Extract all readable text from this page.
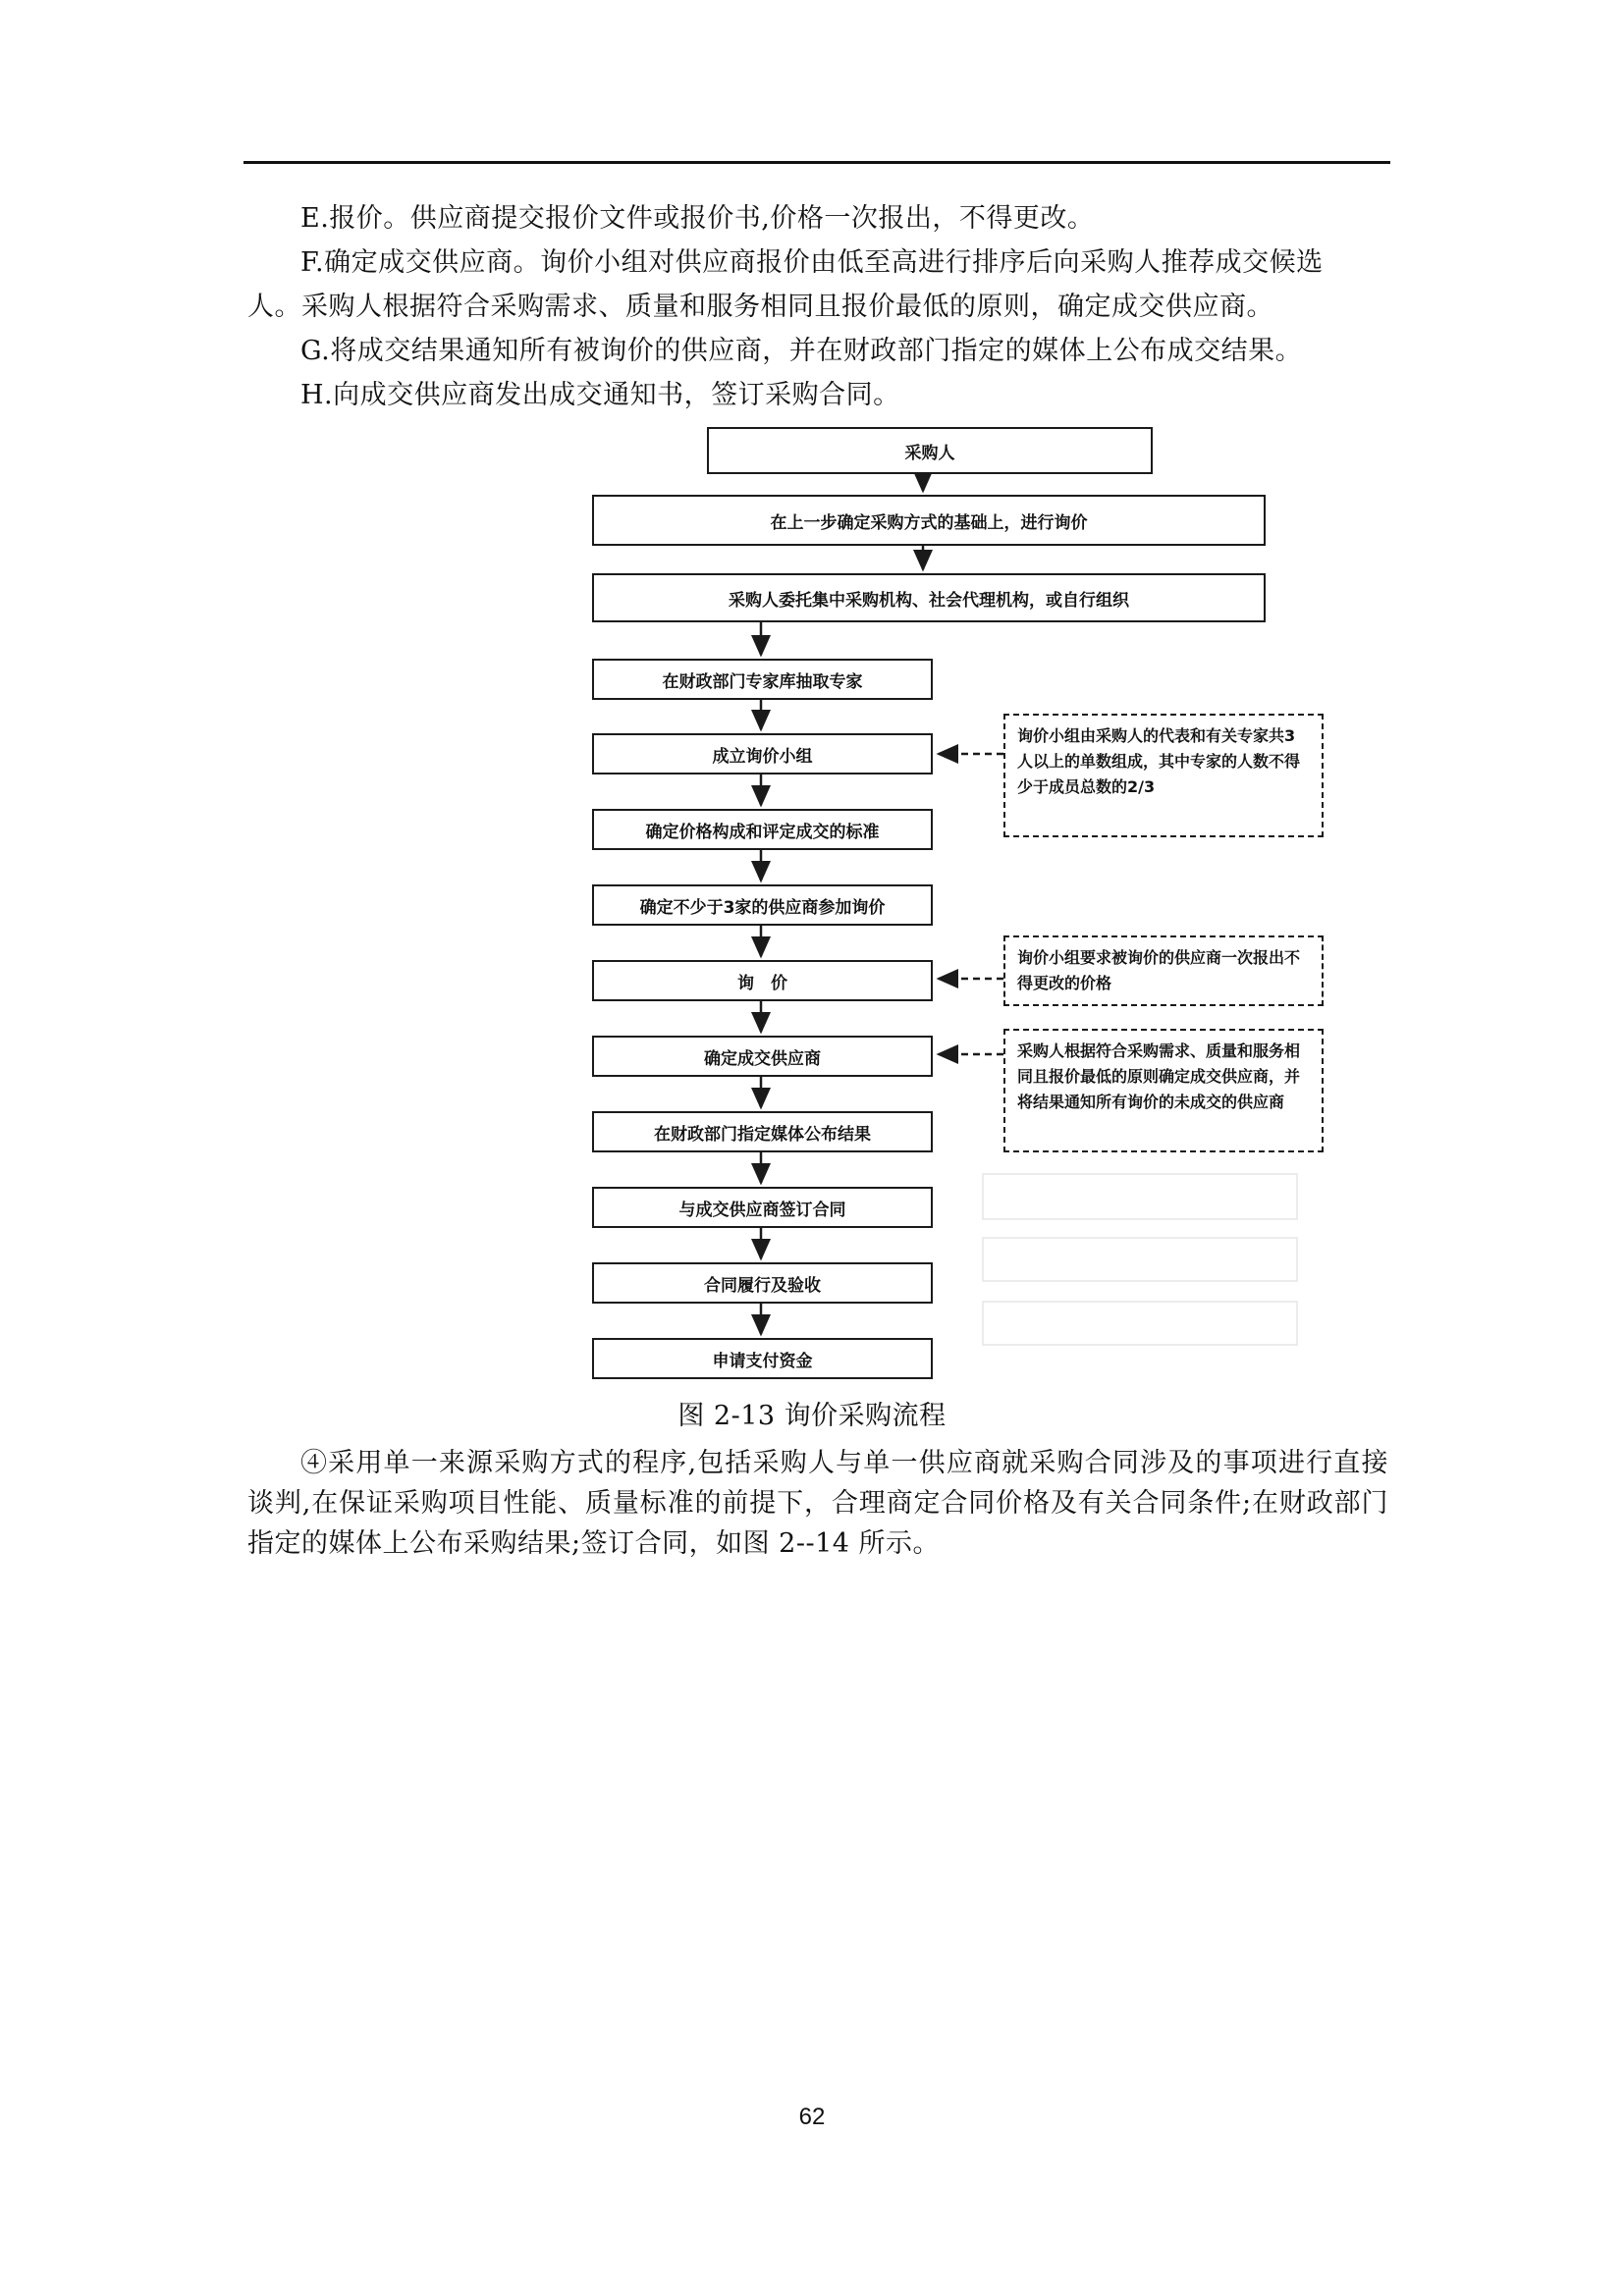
E.报价。供应商提交报价文件或报价书,价格一次报出，不得更改。
F.确定成交供应商。询价小组对供应商报价由低至高进行排序后向采购人推荐成交候选
人。采购人根据符合采购需求、质量和服务相同且报价最低的原则，确定成交供应商。
G.将成交结果通知所有被询价的供应商，并在财政部门指定的媒体上公布成交结果。
H.向成交供应商发出成交通知书，签订采购合同。
采购人
在上一步确定采购方式的基础上，进行询价
采购人委托集中采购机构、社会代理机构，或自行组织
在财政部门专家库抽取专家
成立询价小组
确定价格构成和评定成交的标准
确定不少于3家的供应商参加询价
询　价
确定成交供应商
在财政部门指定媒体公布结果
与成交供应商签订合同
合同履行及验收
申请支付资金
询价小组由采购人的代表和有关专家共3人以上的单数组成，其中专家的人数不得少于成员总数的2/3
询价小组要求被询价的供应商一次报出不得更改的价格
采购人根据符合采购需求、质量和服务相同且报价最低的原则确定成交供应商，并将结果通知所有询价的未成交的供应商
图 2-13 询价采购流程
④采用单一来源采购方式的程序,包括采购人与单一供应商就采购合同涉及的事项进行直接谈判,在保证采购项目性能、质量标准的前提下，合理商定合同价格及有关合同条件;在财政部门指定的媒体上公布采购结果;签订合同，如图 2--14 所示。
62
